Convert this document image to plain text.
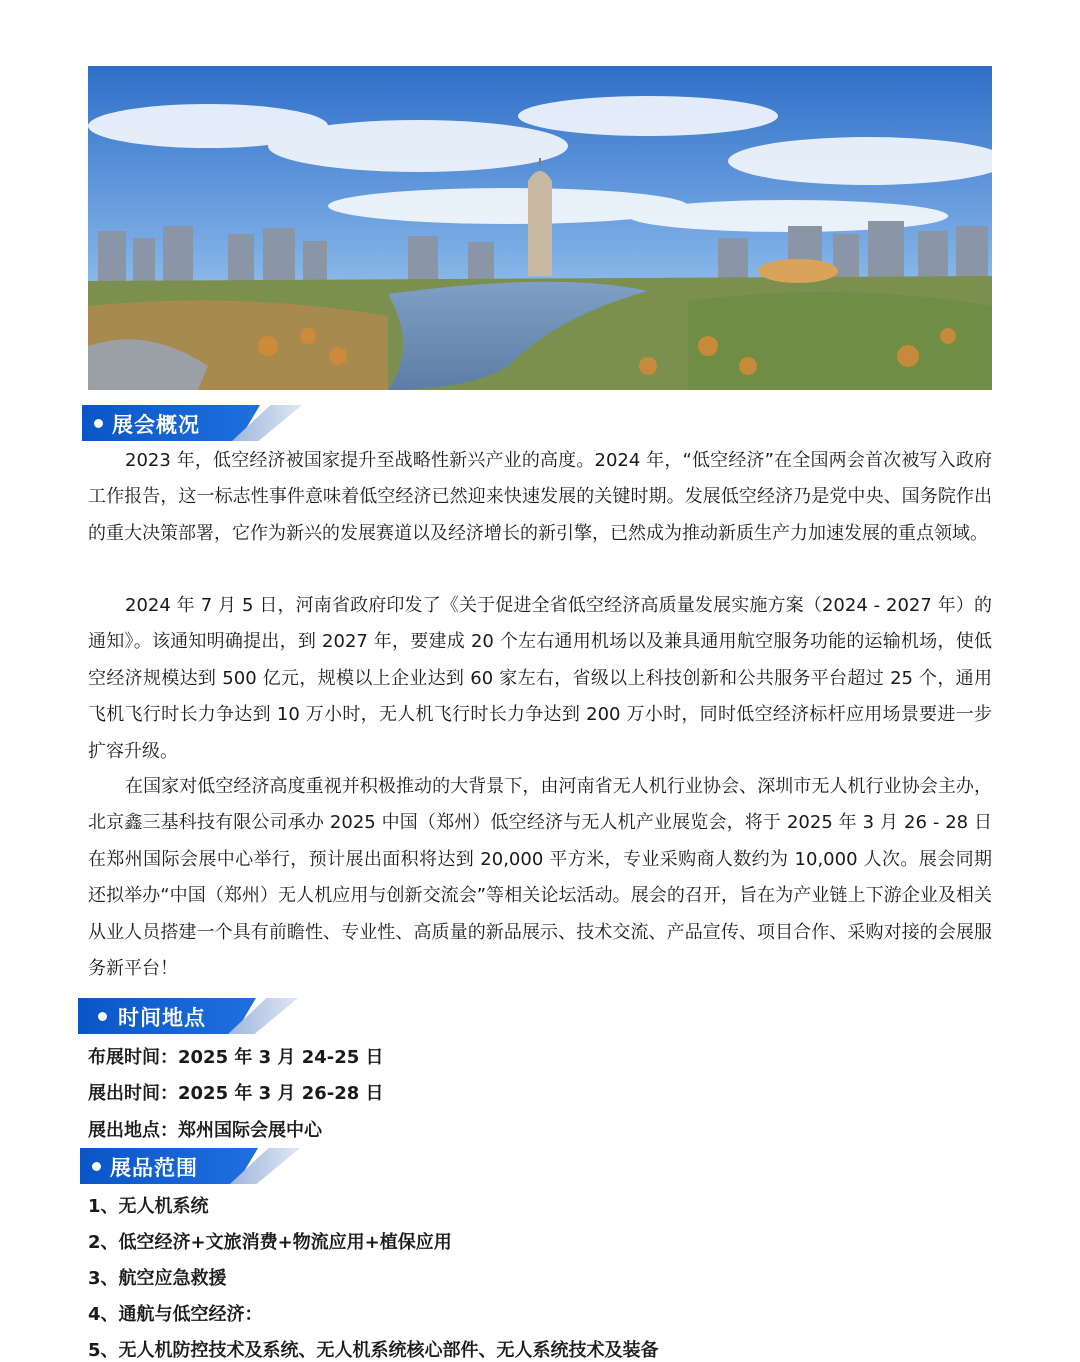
展会概况

2023 年，低空经济被国家提升至战略性新兴产业的高度。2024 年，“低空经济”在全国两会首次被写入政府工作报告，这一标志性事件意味着低空经济已然迎来快速发展的关键时期。发展低空经济乃是党中央、国务院作出的重大决策部署，它作为新兴的发展赛道以及经济增长的新引擎，已然成为推动新质生产力加速发展的重点领域。

2024 年 7 月 5 日，河南省政府印发了《关于促进全省低空经济高质量发展实施方案（2024 - 2027 年）的通知》。该通知明确提出，到 2027 年，要建成 20 个左右通用机场以及兼具通用航空服务功能的运输机场，使低空经济规模达到 500 亿元，规模以上企业达到 60 家左右，省级以上科技创新和公共服务平台超过 25 个，通用飞机飞行时长力争达到 10 万小时，无人机飞行时长力争达到 200 万小时，同时低空经济标杆应用场景要进一步扩容升级。

在国家对低空经济高度重视并积极推动的大背景下，由河南省无人机行业协会、深圳市无人机行业协会主办，北京鑫三基科技有限公司承办 2025 中国（郑州）低空经济与无人机产业展览会，将于 2025 年 3 月 26 - 28 日在郑州国际会展中心举行，预计展出面积将达到 20,000 平方米，专业采购商人数约为 10,000 人次。展会同期还拟举办“中国（郑州）无人机应用与创新交流会”等相关论坛活动。展会的召开，旨在为产业链上下游企业及相关从业人员搭建一个具有前瞻性、专业性、高质量的新品展示、技术交流、产品宣传、项目合作、采购对接的会展服务新平台！

时间地点
布展时间：2025 年 3 月 24-25 日
展出时间：2025 年 3 月 26-28 日
展出地点：郑州国际会展中心
展品范围
1、无人机系统
2、低空经济+文旅消费+物流应用+植保应用
3、航空应急救援
4、通航与低空经济：
5、无人机防控技术及系统、无人机系统核心部件、无人系统技术及装备
